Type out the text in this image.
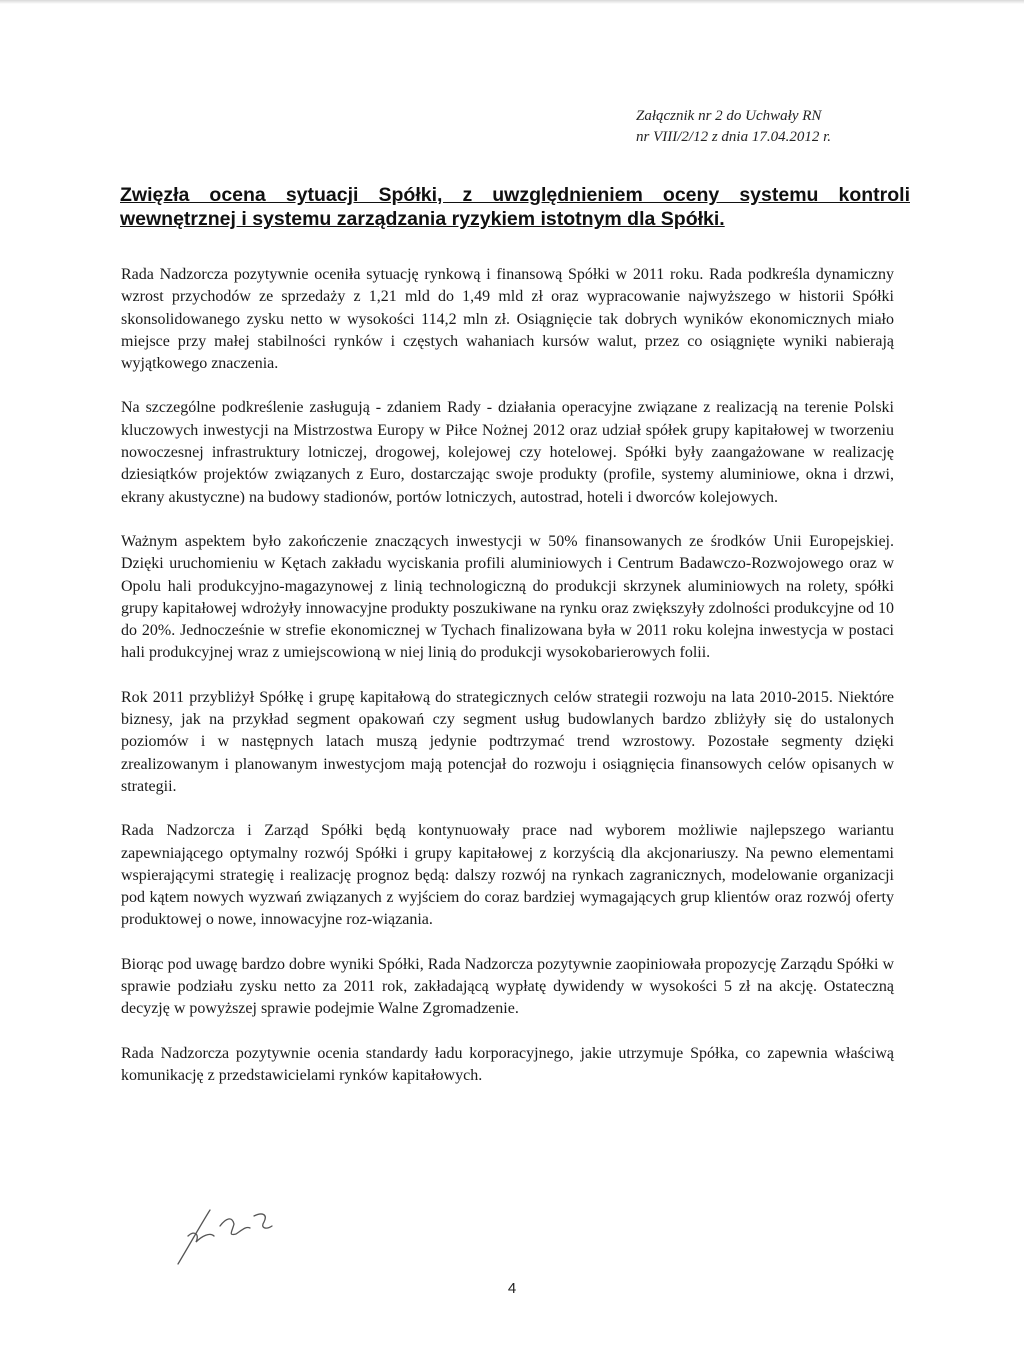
Załącznik nr 2 do Uchwały RN
nr VIII/2/12 z dnia 17.04.2012 r.
Zwięzła ocena sytuacji Spółki, z uwzględnieniem oceny systemu kontroli wewnętrznej i systemu zarządzania ryzykiem istotnym dla Spółki.

Rada Nadzorcza pozytywnie oceniła sytuację rynkową i finansową Spółki w 2011 roku. Rada podkreśla dynamiczny wzrost przychodów ze sprzedaży z 1,21 mld do 1,49 mld zł oraz wypracowanie najwyższego w historii Spółki skonsolidowanego zysku netto w wysokości 114,2 mln zł. Osiągnięcie tak dobrych wyników ekonomicznych miało miejsce przy małej stabilności rynków i częstych wahaniach kursów walut, przez co osiągnięte wyniki nabierają wyjątkowego znaczenia.

Na szczególne podkreślenie zasługują - zdaniem Rady - działania operacyjne związane z realizacją na terenie Polski kluczowych inwestycji na Mistrzostwa Europy w Piłce Nożnej 2012 oraz udział spółek grupy kapitałowej w tworzeniu nowoczesnej infrastruktury lotniczej, drogowej, kolejowej czy hotelowej. Spółki były zaangażowane w realizację dziesiątków projektów związanych z Euro, dostarczając swoje produkty (profile, systemy aluminiowe, okna i drzwi, ekrany akustyczne) na budowy stadionów, portów lotniczych, autostrad, hoteli i dworców kolejowych.

Ważnym aspektem było zakończenie znaczących inwestycji w 50% finansowanych ze środków Unii Europejskiej. Dzięki uruchomieniu w Kętach zakładu wyciskania profili aluminiowych i Centrum Badawczo-Rozwojowego oraz w Opolu hali produkcyjno-magazynowej z linią technologiczną do produkcji skrzynek aluminiowych na rolety, spółki grupy kapitałowej wdrożyły innowacyjne produkty poszukiwane na rynku oraz zwiększyły zdolności produkcyjne od 10 do 20%. Jednocześnie w strefie ekonomicznej w Tychach finalizowana była w 2011 roku kolejna inwestycja w postaci hali produkcyjnej wraz z umiejscowioną w niej linią do produkcji wysokobarierowych folii.

Rok 2011 przybliżył Spółkę i grupę kapitałową do strategicznych celów strategii rozwoju na lata 2010-2015. Niektóre biznesy, jak na przykład segment opakowań czy segment usług budowlanych bardzo zbliżyły się do ustalonych poziomów i w następnych latach muszą jedynie podtrzymać trend wzrostowy. Pozostałe segmenty dzięki zrealizowanym i planowanym inwestycjom mają potencjał do rozwoju i osiągnięcia finansowych celów opisanych w strategii.

Rada Nadzorcza i Zarząd Spółki będą kontynuowały prace nad wyborem możliwie najlepszego wariantu zapewniającego optymalny rozwój Spółki i grupy kapitałowej z korzyścią dla akcjonariuszy. Na pewno elementami wspierającymi strategię i realizację prognoz będą: dalszy rozwój na rynkach zagranicznych, modelowanie organizacji pod kątem nowych wyzwań związanych z wyjściem do coraz bardziej wymagających grup klientów oraz rozwój oferty produktowej o nowe, innowacyjne roz-wiązania.

Biorąc pod uwagę bardzo dobre wyniki Spółki, Rada Nadzorcza pozytywnie zaopiniowała propozycję Zarządu Spółki w sprawie podziału zysku netto za 2011 rok, zakładającą wypłatę dywidendy w wysokości 5 zł na akcję. Ostateczną decyzję w powyższej sprawie podejmie Walne Zgromadzenie.

Rada Nadzorcza pozytywnie ocenia standardy ładu korporacyjnego, jakie utrzymuje Spółka, co zapewnia właściwą komunikację z przedstawicielami rynków kapitałowych.

4
